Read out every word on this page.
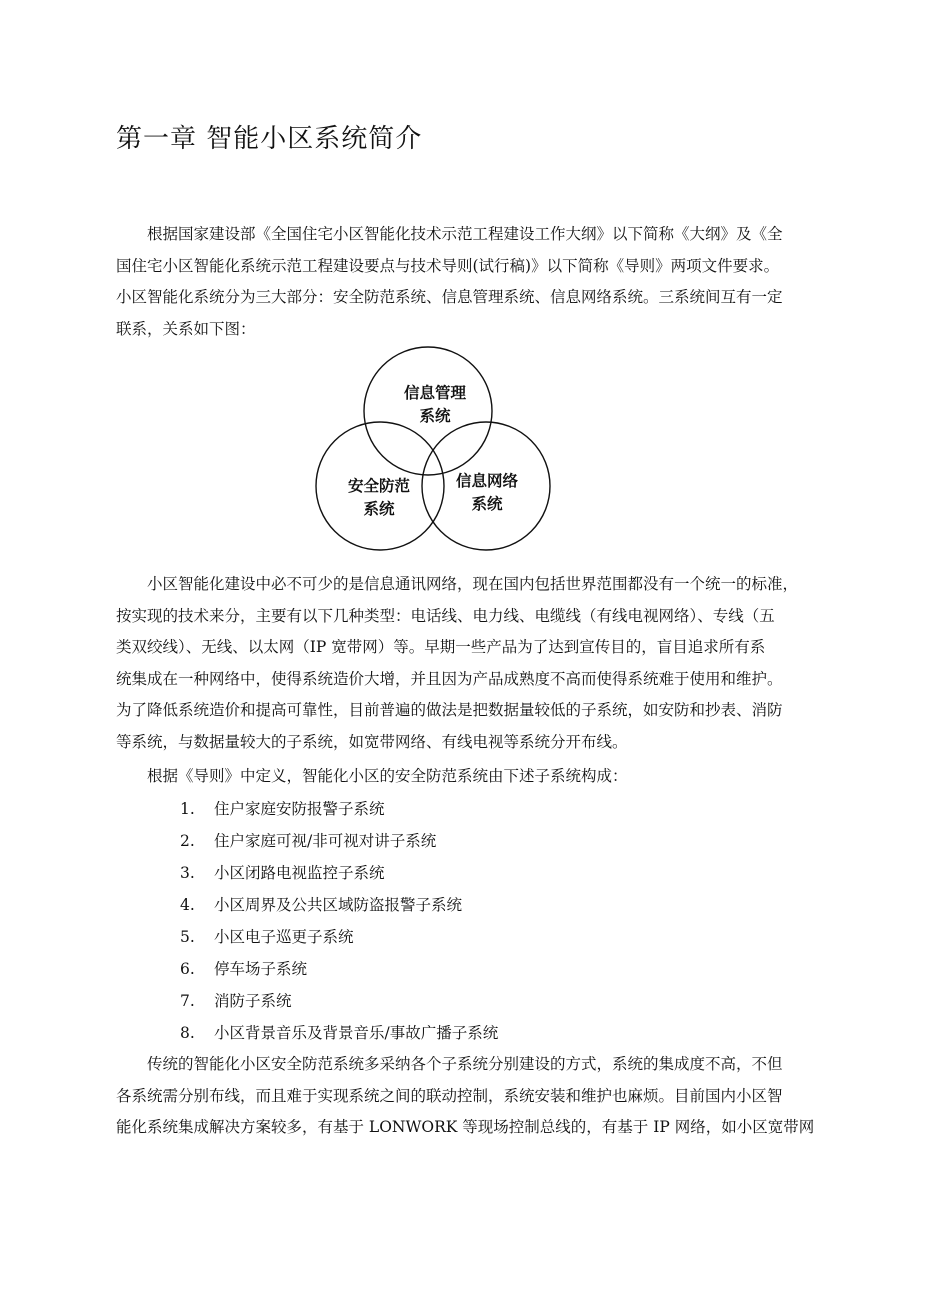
第一章 智能小区系统简介
根据国家建设部《全国住宅小区智能化技术示范工程建设工作大纲》以下简称《大纲》及《全
国住宅小区智能化系统示范工程建设要点与技术导则(试行稿)》以下简称《导则》两项文件要求。
小区智能化系统分为三大部分：安全防范系统、信息管理系统、信息网络系统。三系统间互有一定
联系，关系如下图：
信息管理
系统
安全防范
系统
信息网络
系统
小区智能化建设中必不可少的是信息通讯网络，现在国内包括世界范围都没有一个统一的标准，
按实现的技术来分，主要有以下几种类型：电话线、电力线、电缆线（有线电视网络）、专线（五
类双绞线）、无线、以太网（IP 宽带网）等。早期一些产品为了达到宣传目的，盲目追求所有系
统集成在一种网络中，使得系统造价大增，并且因为产品成熟度不高而使得系统难于使用和维护。
为了降低系统造价和提高可靠性，目前普遍的做法是把数据量较低的子系统，如安防和抄表、消防
等系统，与数据量较大的子系统，如宽带网络、有线电视等系统分开布线。
根据《导则》中定义，智能化小区的安全防范系统由下述子系统构成：
1. 住户家庭安防报警子系统
2. 住户家庭可视/非可视对讲子系统
3. 小区闭路电视监控子系统
4. 小区周界及公共区域防盗报警子系统
5. 小区电子巡更子系统
6. 停车场子系统
7. 消防子系统
8. 小区背景音乐及背景音乐/事故广播子系统
传统的智能化小区安全防范系统多采纳各个子系统分别建设的方式，系统的集成度不高，不但
各系统需分别布线，而且难于实现系统之间的联动控制，系统安装和维护也麻烦。目前国内小区智
能化系统集成解决方案较多，有基于 LONWORK 等现场控制总线的，有基于 IP 网络，如小区宽带网
